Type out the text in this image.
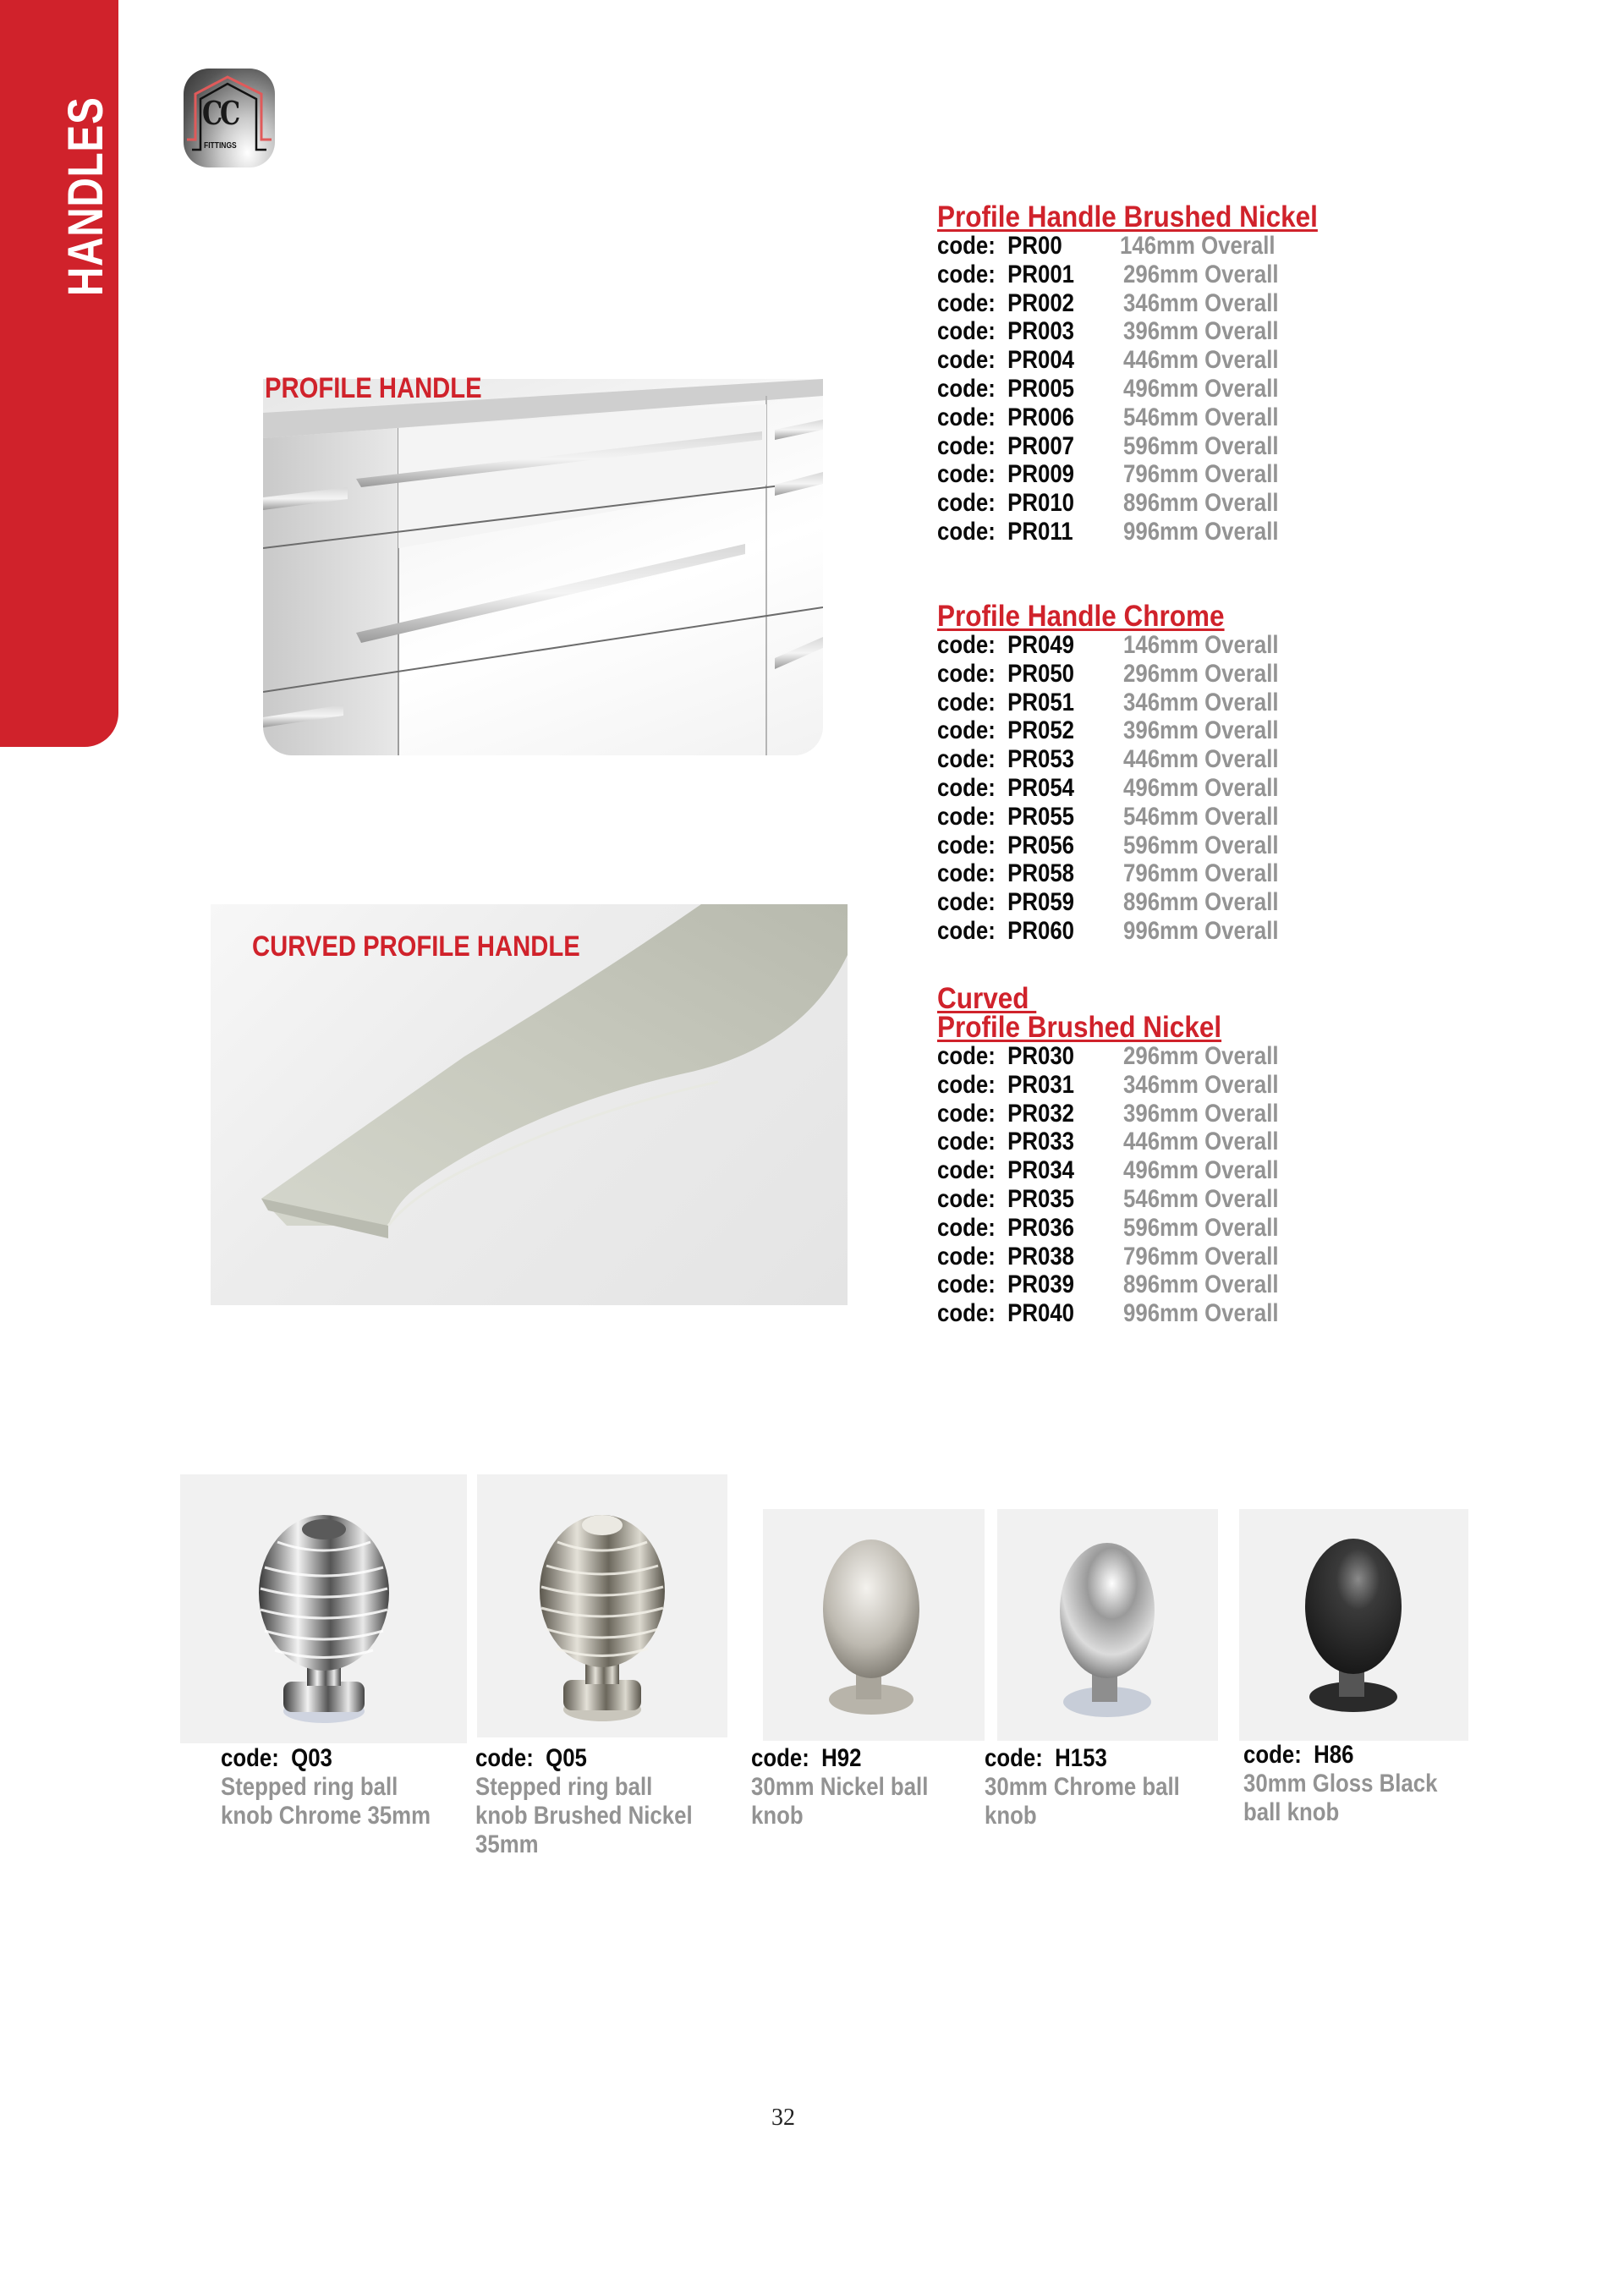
HANDLES	CC
FITTINGS
PROFILE HANDLE
CURVED PROFILE HANDLE
Profile Handle Brushed Nickel
code:  PR00 146mm Overall
code:  PR001 296mm Overall
code:  PR002 346mm Overall
code:  PR003 396mm Overall
code:  PR004 446mm Overall
code:  PR005 496mm Overall
code:  PR006 546mm Overall
code:  PR007 596mm Overall
code:  PR009 796mm Overall
code:  PR010 896mm Overall
code:  PR011 996mm Overall
Profile Handle Chrome
code:  PR049 146mm Overall
code:  PR050 296mm Overall
code:  PR051 346mm Overall
code:  PR052 396mm Overall
code:  PR053 446mm Overall
code:  PR054 496mm Overall
code:  PR055 546mm Overall
code:  PR056 596mm Overall
code:  PR058 796mm Overall
code:  PR059 896mm Overall
code:  PR060 996mm Overall
Curved
Profile Brushed Nickel
code:  PR030 296mm Overall
code:  PR031 346mm Overall
code:  PR032 396mm Overall
code:  PR033 446mm Overall
code:  PR034 496mm Overall
code:  PR035 546mm Overall
code:  PR036 596mm Overall
code:  PR038 796mm Overall
code:  PR039 896mm Overall
code:  PR040 996mm Overall
code:  Q03
Stepped ring ball knob Chrome 35mm
code:  Q05
Stepped ring ball knob Brushed Nickel 35mm
code:  H92
30mm Nickel ball knob
code:  H153
30mm Chrome ball knob
code:  H86
30mm Gloss Black ball knob
32
